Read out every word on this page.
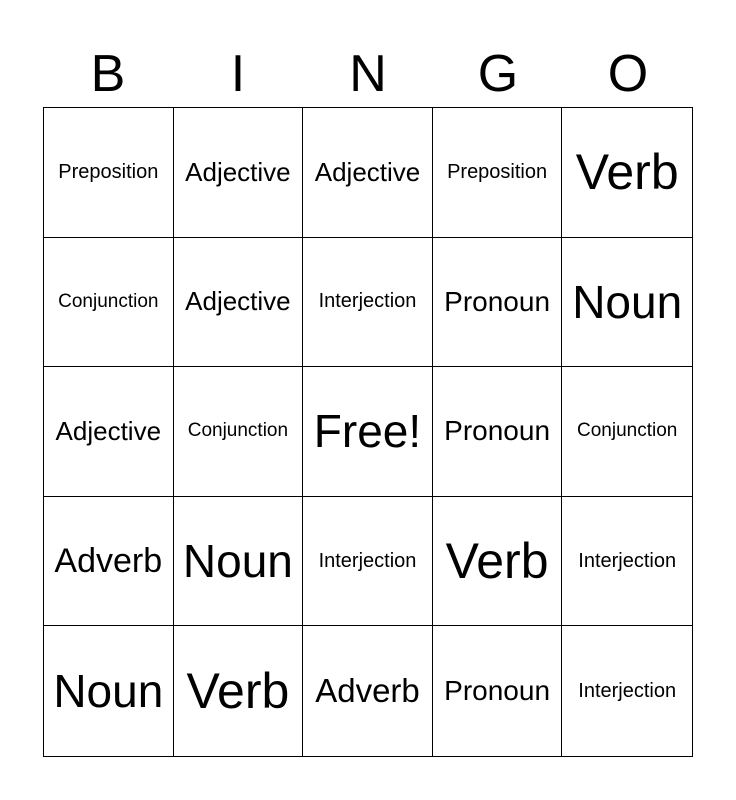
B	I	N	G	O
Preposition Adjective Adjective Preposition Verb
Conjunction Adjective Interjection Pronoun Noun
Adjective Conjunction Free! Pronoun Conjunction
Adverb Noun Interjection Verb Interjection
Noun Verb Adverb Pronoun Interjection
